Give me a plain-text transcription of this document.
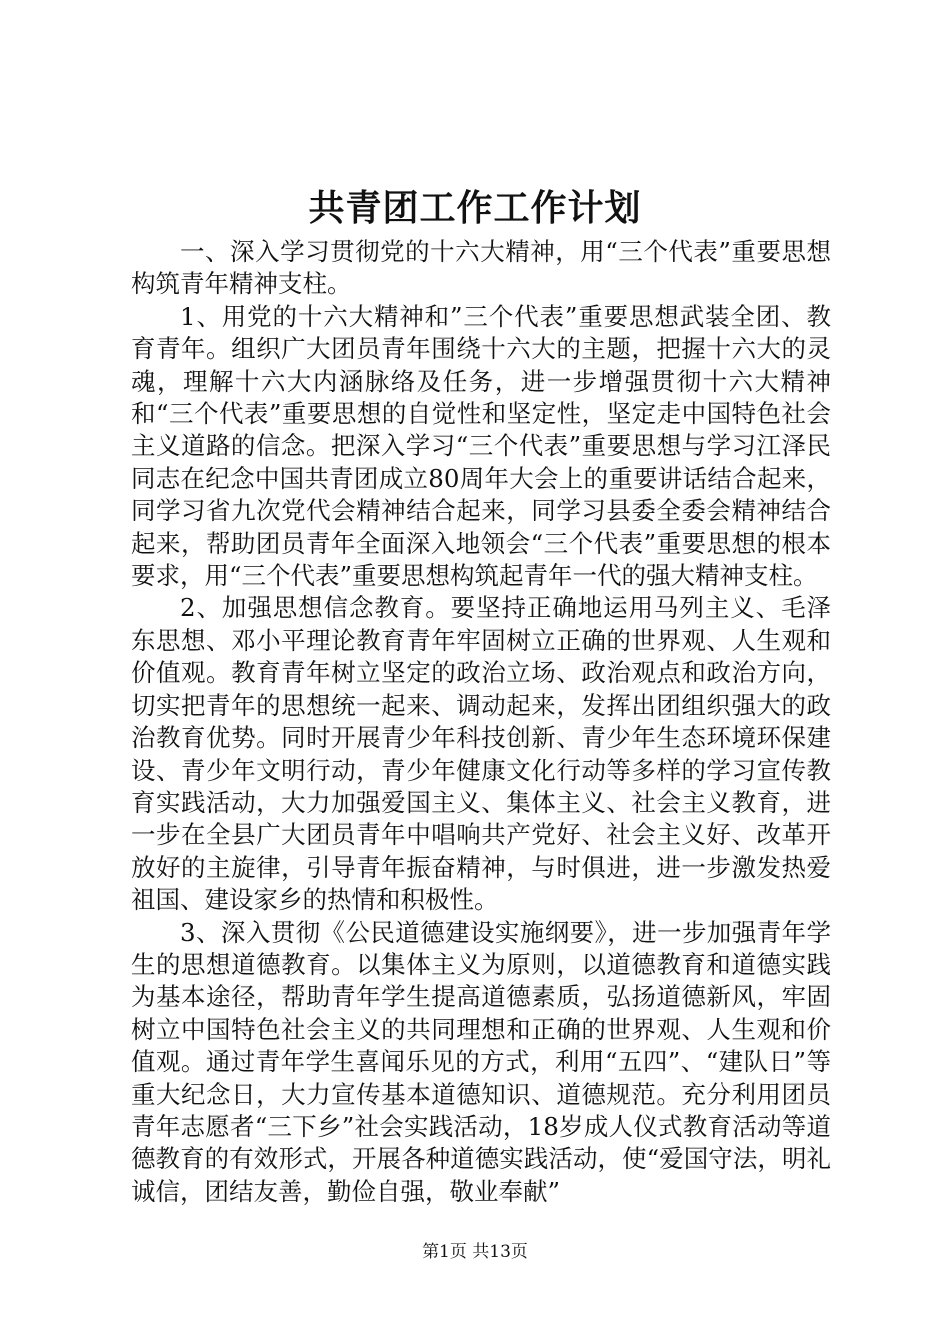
共青团工作工作计划

一、深入学习贯彻党的十六大精神，用“三个代表”重要思想构筑青年精神支柱。

1、用党的十六大精神和”三个代表”重要思想武装全团、教育青年。组织广大团员青年围绕十六大的主题，把握十六大的灵魂，理解十六大内涵脉络及任务，进一步增强贯彻十六大精神和“三个代表”重要思想的自觉性和坚定性，坚定走中国特色社会主义道路的信念。把深入学习“三个代表”重要思想与学习江泽民同志在纪念中国共青团成立80周年大会上的重要讲话结合起来，同学习省九次党代会精神结合起来，同学习县委全委会精神结合起来，帮助团员青年全面深入地领会“三个代表”重要思想的根本要求，用“三个代表”重要思想构筑起青年一代的强大精神支柱。

2、加强思想信念教育。要坚持正确地运用马列主义、毛泽东思想、邓小平理论教育青年牢固树立正确的世界观、人生观和价值观。教育青年树立坚定的政治立场、政治观点和政治方向，切实把青年的思想统一起来、调动起来，发挥出团组织强大的政治教育优势。同时开展青少年科技创新、青少年生态环境环保建设、青少年文明行动，青少年健康文化行动等多样的学习宣传教育实践活动，大力加强爱国主义、集体主义、社会主义教育，进一步在全县广大团员青年中唱响共产党好、社会主义好、改革开放好的主旋律，引导青年振奋精神，与时俱进，进一步激发热爱祖国、建设家乡的热情和积极性。

3、深入贯彻《公民道德建设实施纲要》，进一步加强青年学生的思想道德教育。以集体主义为原则，以道德教育和道德实践为基本途径，帮助青年学生提高道德素质，弘扬道德新风，牢固树立中国特色社会主义的共同理想和正确的世界观、人生观和价值观。通过青年学生喜闻乐见的方式，利用“五四”、“建队日”等重大纪念日，大力宣传基本道德知识、道德规范。充分利用团员青年志愿者“三下乡”社会实践活动，18岁成人仪式教育活动等道德教育的有效形式，开展各种道德实践活动，使“爱国守法，明礼诚信，团结友善，勤俭自强，敬业奉献”

第1页 共13页
